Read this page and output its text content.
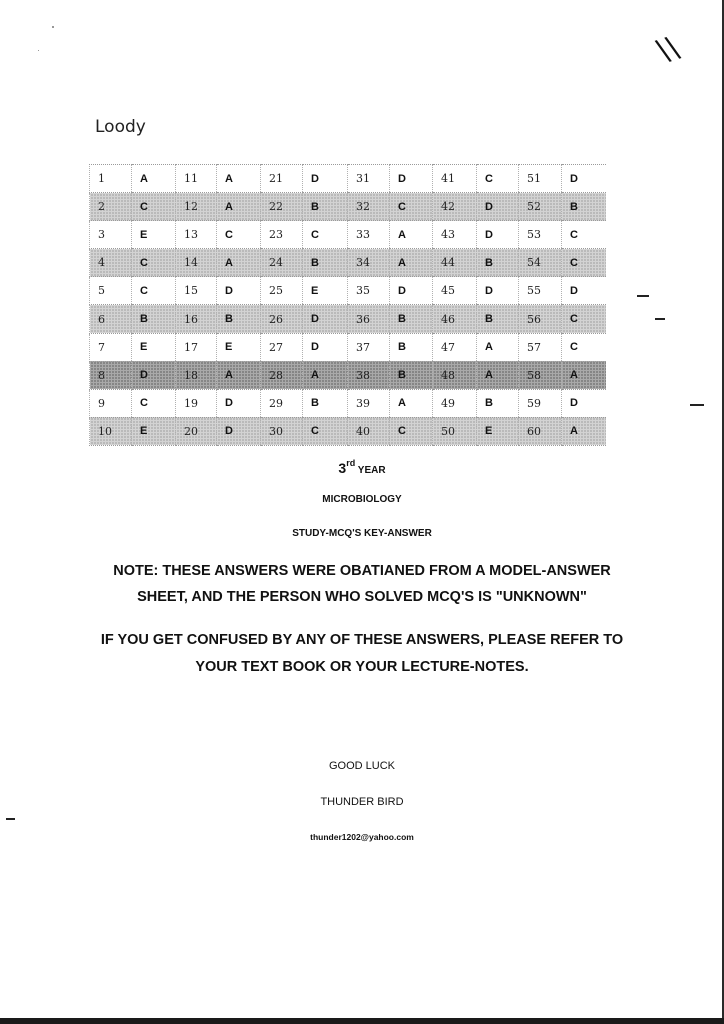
\\
Loody
1	A	11	A	21	D	31	D	41	C	51	D
2	C	12	A	22	B	32	C	42	D	52	B
3	E	13	C	23	C	33	A	43	D	53	C
4	C	14	A	24	B	34	A	44	B	54	C
5	C	15	D	25	E	35	D	45	D	55	D
6	B	16	B	26	D	36	B	46	B	56	C
7	E	17	E	27	D	37	B	47	A	57	C
8	D	18	A	28	A	38	B	48	A	58	A
9	C	19	D	29	B	39	A	49	B	59	D
10	E	20	D	30	C	40	C	50	E	60	A
3rd YEAR
MICROBIOLOGY
STUDY-MCQ'S KEY-ANSWER
NOTE: THESE ANSWERS WERE OBATIANED FROM A MODEL-ANSWER
SHEET, AND THE PERSON WHO SOLVED MCQ'S IS "UNKNOWN"
IF YOU GET CONFUSED BY ANY OF THESE ANSWERS, PLEASE REFER TO
YOUR TEXT BOOK OR YOUR LECTURE-NOTES.
GOOD LUCK
THUNDER BIRD
thunder1202@yahoo.com
